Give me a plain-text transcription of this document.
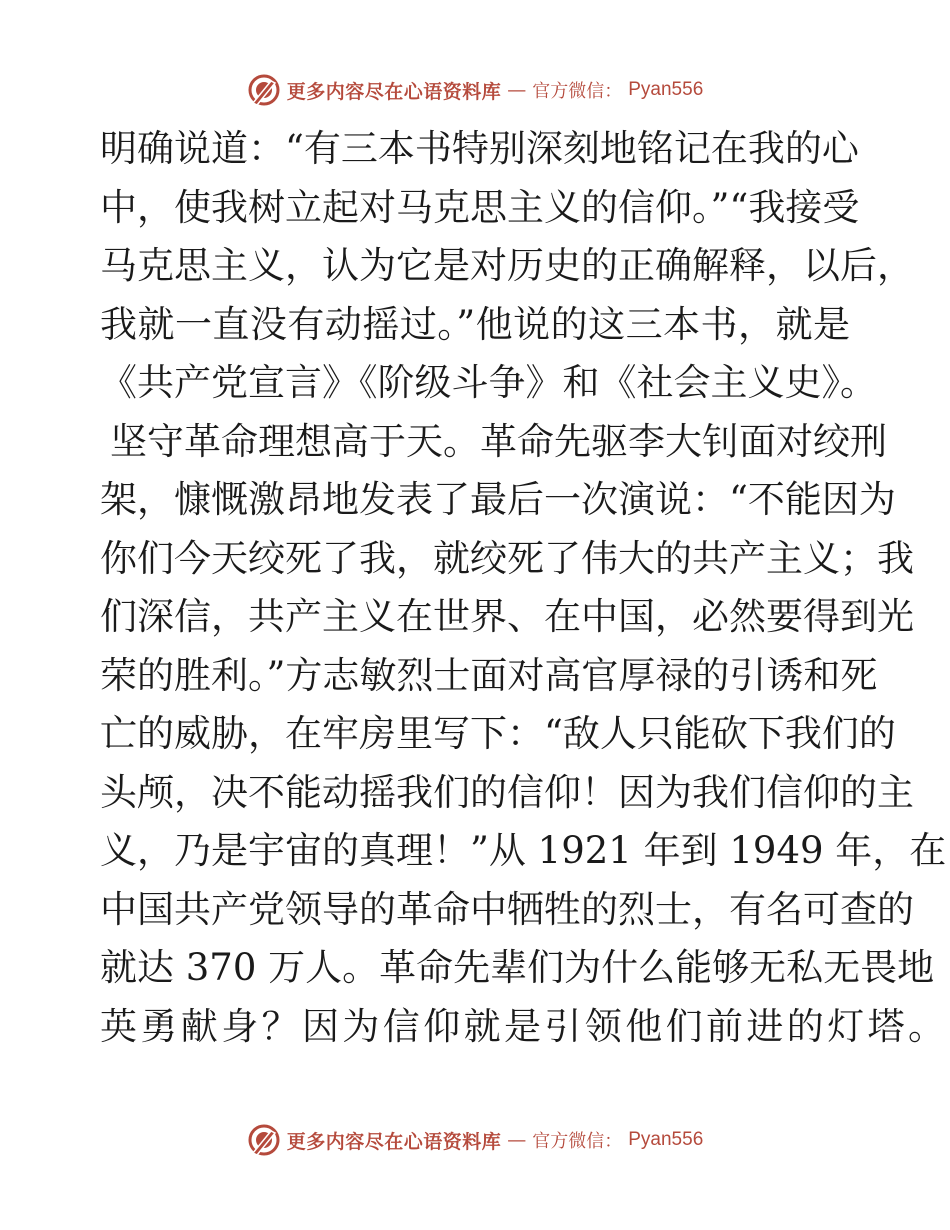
更多内容尽在心语资料库 — 官方微信： Pyan556
明确说道：“有三本书特别深刻地铭记在我的心
中，使我树立起对马克思主义的信仰。”“我接受
马克思主义，认为它是对历史的正确解释，以后，
我就一直没有动摇过。”他说的这三本书，就是
《共产党宣言》《阶级斗争》和《社会主义史》。
坚守革命理想高于天。革命先驱李大钊面对绞刑
架，慷慨激昂地发表了最后一次演说：“不能因为
你们今天绞死了我，就绞死了伟大的共产主义；我
们深信，共产主义在世界、在中国，必然要得到光
荣的胜利。”方志敏烈士面对高官厚禄的引诱和死
亡的威胁，在牢房里写下：“敌人只能砍下我们的
头颅，决不能动摇我们的信仰！因为我们信仰的主
义，乃是宇宙的真理！”从 1921 年到 1949 年，在
中国共产党领导的革命中牺牲的烈士，有名可查的
就达 370 万人。革命先辈们为什么能够无私无畏地
英勇献身？因为信仰就是引领他们前进的灯塔。
更多内容尽在心语资料库 — 官方微信： Pyan556
